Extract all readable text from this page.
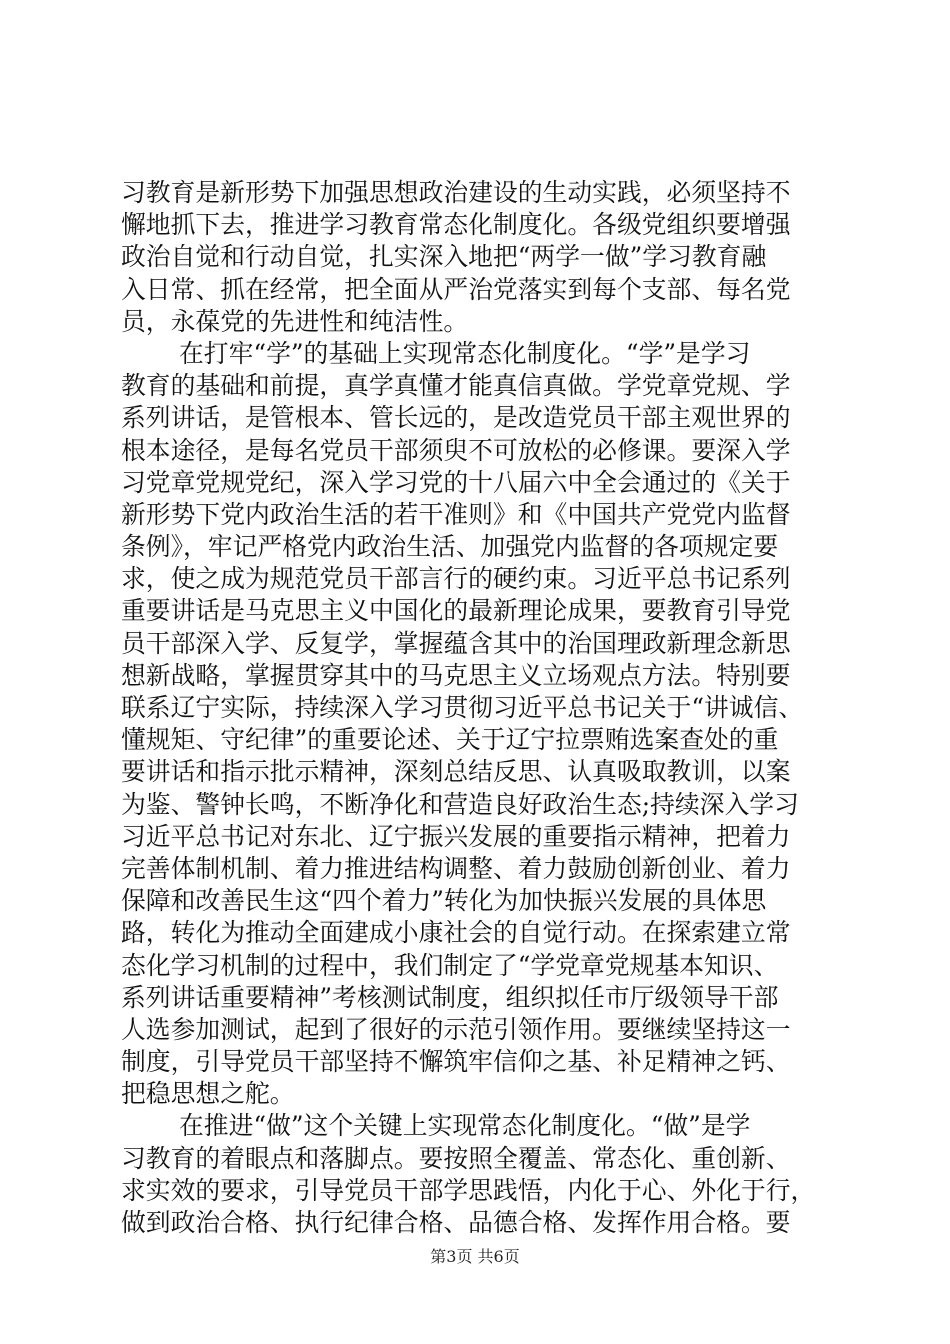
习教育是新形势下加强思想政治建设的生动实践，必须坚持不
懈地抓下去，推进学习教育常态化制度化。各级党组织要增强
政治自觉和行动自觉，扎实深入地把“两学一做”学习教育融
入日常、抓在经常，把全面从严治党落实到每个支部、每名党
员，永葆党的先进性和纯洁性。
在打牢“学”的基础上实现常态化制度化。“学”是学习
教育的基础和前提，真学真懂才能真信真做。学党章党规、学
系列讲话，是管根本、管长远的，是改造党员干部主观世界的
根本途径，是每名党员干部须臾不可放松的必修课。要深入学
习党章党规党纪，深入学习党的十八届六中全会通过的《关于
新形势下党内政治生活的若干准则》和《中国共产党党内监督
条例》，牢记严格党内政治生活、加强党内监督的各项规定要
求，使之成为规范党员干部言行的硬约束。习近平总书记系列
重要讲话是马克思主义中国化的最新理论成果，要教育引导党
员干部深入学、反复学，掌握蕴含其中的治国理政新理念新思
想新战略，掌握贯穿其中的马克思主义立场观点方法。特别要
联系辽宁实际，持续深入学习贯彻习近平总书记关于“讲诚信、
懂规矩、守纪律”的重要论述、关于辽宁拉票贿选案查处的重
要讲话和指示批示精神，深刻总结反思、认真吸取教训，以案
为鉴、警钟长鸣，不断净化和营造良好政治生态;持续深入学习
习近平总书记对东北、辽宁振兴发展的重要指示精神，把着力
完善体制机制、着力推进结构调整、着力鼓励创新创业、着力
保障和改善民生这“四个着力”转化为加快振兴发展的具体思
路，转化为推动全面建成小康社会的自觉行动。在探索建立常
态化学习机制的过程中，我们制定了“学党章党规基本知识、
系列讲话重要精神”考核测试制度，组织拟任市厅级领导干部
人选参加测试，起到了很好的示范引领作用。要继续坚持这一
制度，引导党员干部坚持不懈筑牢信仰之基、补足精神之钙、
把稳思想之舵。
在推进“做”这个关键上实现常态化制度化。“做”是学
习教育的着眼点和落脚点。要按照全覆盖、常态化、重创新、
求实效的要求，引导党员干部学思践悟，内化于心、外化于行，
做到政治合格、执行纪律合格、品德合格、发挥作用合格。要
第3页 共6页
